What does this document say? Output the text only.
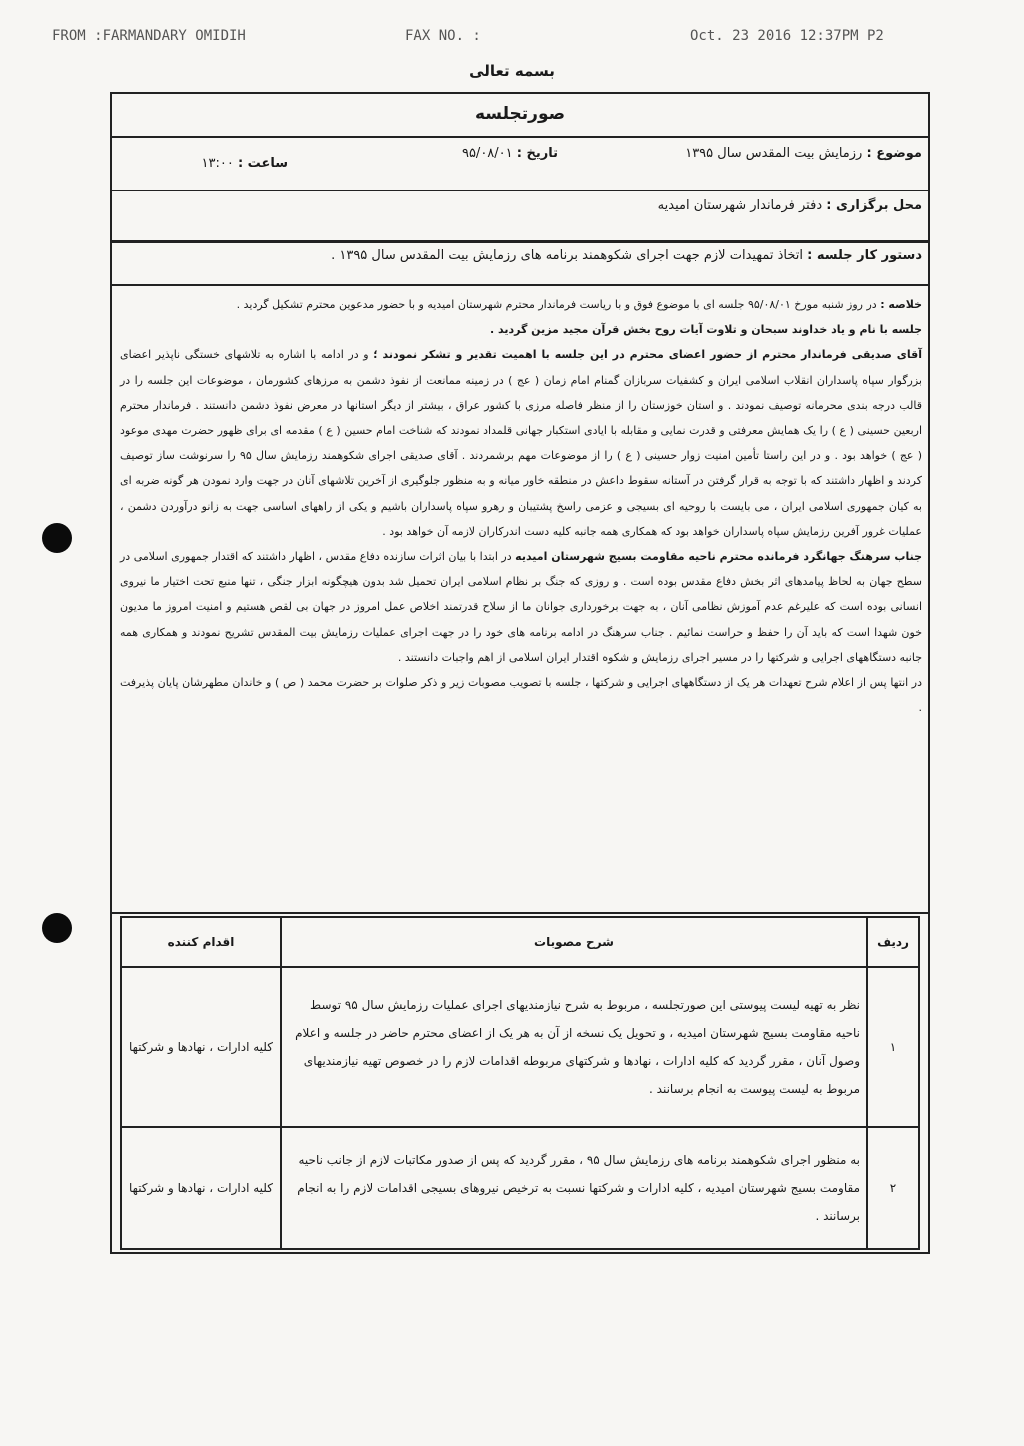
FROM :FARMANDARY OMIDIH	FAX NO. :	Oct. 23 2016 12:37PM P2
بسمه تعالی
صورتجلسه
موضوع : رزمایش بیت المقدس سال ۱۳۹۵
تاریخ : ۹۵/۰۸/۰۱
ساعت : ۱۳:۰۰
محل برگزاری : دفتر فرماندار شهرستان امیدیه
دستور کار جلسه : اتخاذ تمهیدات لازم جهت اجرای شکوهمند برنامه های رزمایش بیت المقدس سال ۱۳۹۵ .

خلاصه : در روز شنبه مورخ ۹۵/۰۸/۰۱ جلسه ای با موضوع فوق و با ریاست فرماندار محترم شهرستان امیدیه و با حضور مدعوین محترم تشکیل گردید .

جلسه با نام و یاد خداوند سبحان و تلاوت آیات روح بخش قرآن مجید مزین گردید .

آقای صدیقی فرماندار محترم از حضور اعضای محترم در این جلسه با اهمیت تقدیر و تشکر نمودند ؛ و در ادامه با اشاره به تلاشهای خستگی ناپذیر اعضای بزرگوار سپاه پاسداران انقلاب اسلامی ایران و کشفیات سربازان گمنام امام زمان ( عج ) در زمینه ممانعت از نفوذ دشمن به مرزهای کشورمان ، موضوعات این جلسه را در قالب درجه بندی محرمانه توصیف نمودند . و استان خوزستان را از منظر فاصله مرزی با کشور عراق ، بیشتر از دیگر استانها در معرض نفوذ دشمن دانستند . فرماندار محترم اربعین حسینی ( ع ) را یک همایش معرفتی و قدرت نمایی و مقابله با ایادی استکبار جهانی قلمداد نمودند که شناخت امام حسین ( ع ) مقدمه ای برای ظهور حضرت مهدی موعود ( عج ) خواهد بود . و در این راستا تأمین امنیت زوار حسینی ( ع ) را از موضوعات مهم برشمردند . آقای صدیقی اجرای شکوهمند رزمایش سال ۹۵ را سرنوشت ساز توصیف کردند و اظهار داشتند که با توجه به قرار گرفتن در آستانه سقوط داعش در منطقه خاور میانه و به منظور جلوگیری از آخرین تلاشهای آنان در جهت وارد نمودن هر گونه ضربه ای به کیان جمهوری اسلامی ایران ، می بایست با روحیه ای بسیجی و عزمی راسخ پشتیبان و رهرو سپاه پاسداران باشیم و یکی از راههای اساسی جهت به زانو درآوردن دشمن ، عملیات غرور آفرین رزمایش سپاه پاسداران خواهد بود که همکاری همه جانبه کلیه دست اندرکاران لازمه آن خواهد بود .

جناب سرهنگ جهانگرد فرمانده محترم ناحیه مقاومت بسیج شهرستان امیدیه در ابتدا با بیان اثرات سازنده دفاع مقدس ، اظهار داشتند که اقتدار جمهوری اسلامی در سطح جهان به لحاظ پیامدهای اثر بخش دفاع مقدس بوده است . و روزی که جنگ بر نظام اسلامی ایران تحمیل شد بدون هیچگونه ابزار جنگی ، تنها منبع تحت اختیار ما نیروی انسانی بوده است که علیرغم عدم آموزش نظامی آنان ، به جهت برخورداری جوانان ما از سلاح قدرتمند اخلاص عمل امروز در جهان بی لقص هستیم و امنیت امروز ما مدیون خون شهدا است که باید آن را حفظ و حراست نمائیم . جناب سرهنگ در ادامه برنامه های خود را در جهت اجرای عملیات رزمایش بیت المقدس تشریح نمودند و همکاری همه جانبه دستگاههای اجرایی و شرکتها را در مسیر اجرای رزمایش و شکوه اقتدار ایران اسلامی از اهم واجبات دانستند .

در انتها پس از اعلام شرح تعهدات هر یک از دستگاههای اجرایی و شرکتها ، جلسه با تصویب مصوبات زیر و ذکر صلوات بر حضرت محمد ( ص ) و خاندان مطهرشان پایان پذیرفت .

ردیف	شرح مصوبات	اقدام کننده
۱	نظر به تهیه لیست پیوستی این صورتجلسه ، مربوط به شرح نیازمندیهای اجرای عملیات رزمایش سال ۹۵ توسط ناحیه مقاومت بسیج شهرستان امیدیه ، و تحویل یک نسخه از آن به هر یک از اعضای محترم حاضر در جلسه و اعلام وصول آنان ، مقرر گردید که کلیه ادارات ، نهادها و شرکتهای مربوطه اقدامات لازم را در خصوص تهیه نیازمندیهای مربوط به لیست پیوست به انجام برسانند .	کلیه ادارات ، نهادها و شرکتها
۲	به منظور اجرای شکوهمند برنامه های رزمایش سال ۹۵ ، مقرر گردید که پس از صدور مکاتبات لازم از جانب ناحیه مقاومت بسیج شهرستان امیدیه ، کلیه ادارات و شرکتها نسبت به ترخیص نیروهای بسیجی اقدامات لازم را به انجام برسانند .	کلیه ادارات ، نهادها و شرکتها
